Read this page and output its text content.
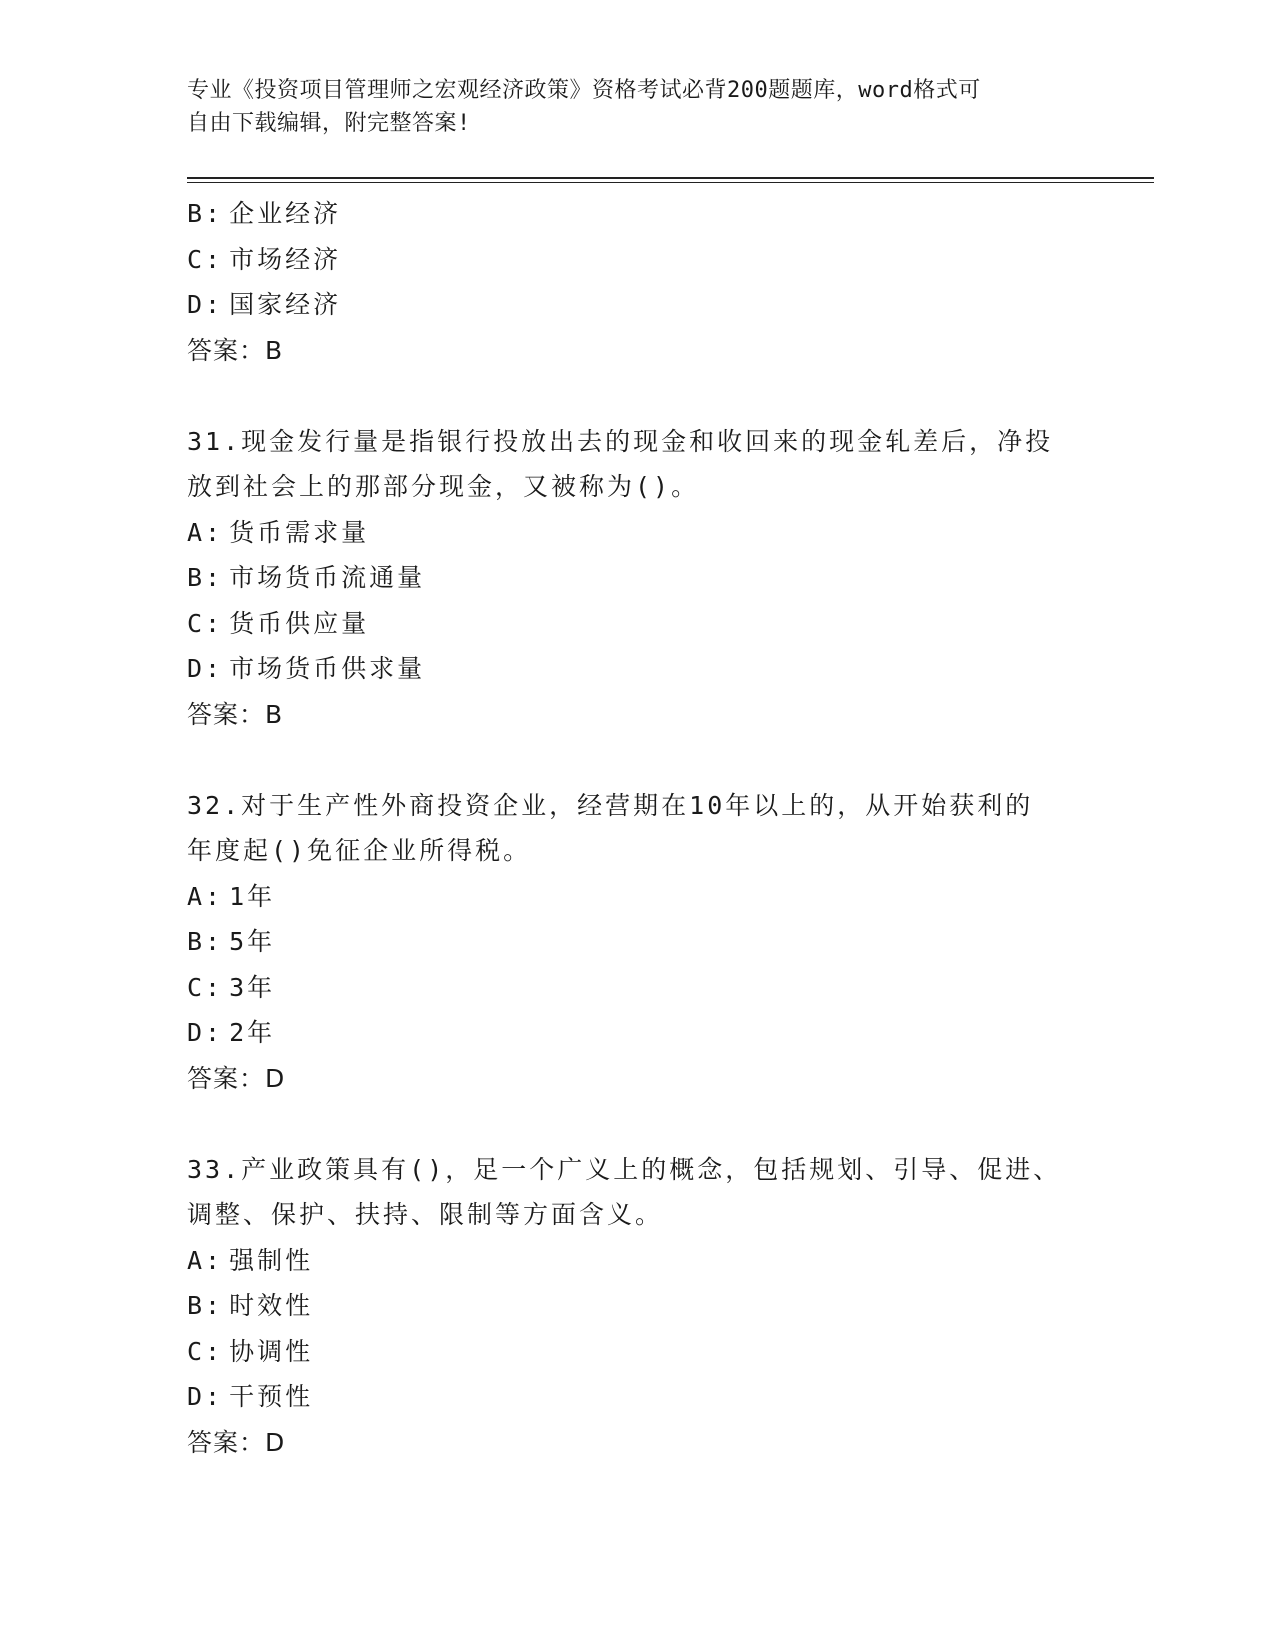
专业《投资项目管理师之宏观经济政策》资格考试必背200题题库，word格式可
自由下载编辑，附完整答案!
B: 企业经济
C: 市场经济
D: 国家经济
答案：B
31.现金发行量是指银行投放出去的现金和收回来的现金轧差后，净投
放到社会上的那部分现金，又被称为()。
A: 货币需求量
B: 市场货币流通量
C: 货币供应量
D: 市场货币供求量
答案：B
32.对于生产性外商投资企业，经营期在10年以上的，从开始获利的
年度起()免征企业所得税。
A: 1年
B: 5年
C: 3年
D: 2年
答案：D
33.产业政策具有()，足一个广义上的概念，包括规划、引导、促进、
调整、保护、扶持、限制等方面含义。
A: 强制性
B: 时效性
C: 协调性
D: 干预性
答案：D
